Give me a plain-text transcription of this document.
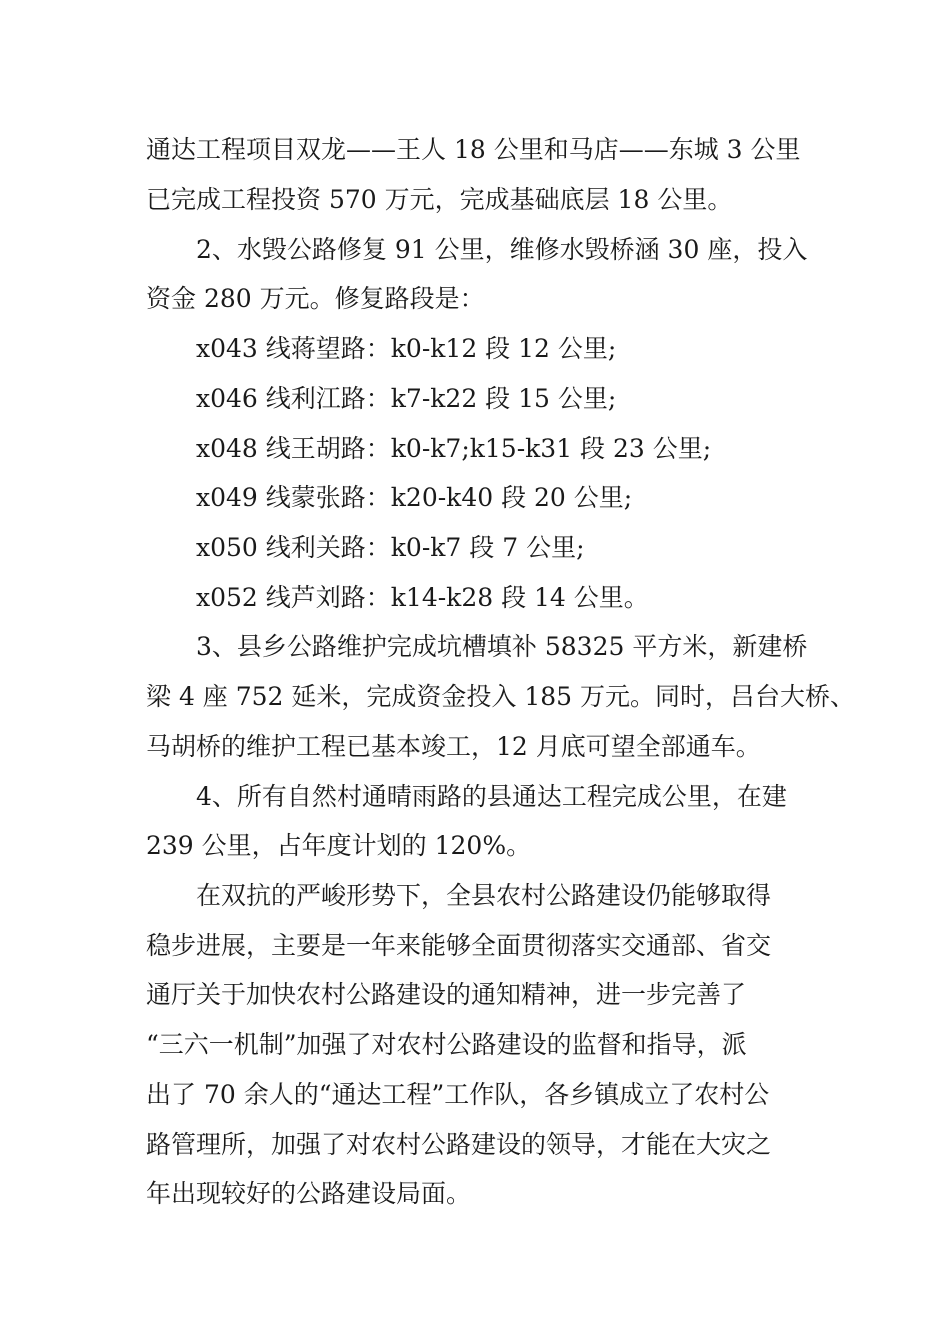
通达工程项目双龙——王人 18 公里和马店——东城 3 公里
已完成工程投资 570 万元，完成基础底层 18 公里。
2、水毁公路修复 91 公里，维修水毁桥涵 30 座，投入
资金 280 万元。修复路段是：
x043 线蒋望路：k0-k12 段 12 公里;
x046 线利江路：k7-k22 段 15 公里;
x048 线王胡路：k0-k7;k15-k31 段 23 公里;
x049 线蒙张路：k20-k40 段 20 公里;
x050 线利关路：k0-k7 段 7 公里;
x052 线芦刘路：k14-k28 段 14 公里。
3、县乡公路维护完成坑槽填补 58325 平方米，新建桥
梁 4 座 752 延米，完成资金投入 185 万元。同时，吕台大桥、
马胡桥的维护工程已基本竣工，12 月底可望全部通车。
4、所有自然村通晴雨路的县通达工程完成公里，在建
239 公里，占年度计划的 120%。
在双抗的严峻形势下，全县农村公路建设仍能够取得
稳步进展，主要是一年来能够全面贯彻落实交通部、省交
通厅关于加快农村公路建设的通知精神，进一步完善了
“三六一机制”加强了对农村公路建设的监督和指导，派
出了 70 余人的“通达工程”工作队，各乡镇成立了农村公
路管理所，加强了对农村公路建设的领导，才能在大灾之
年出现较好的公路建设局面。
